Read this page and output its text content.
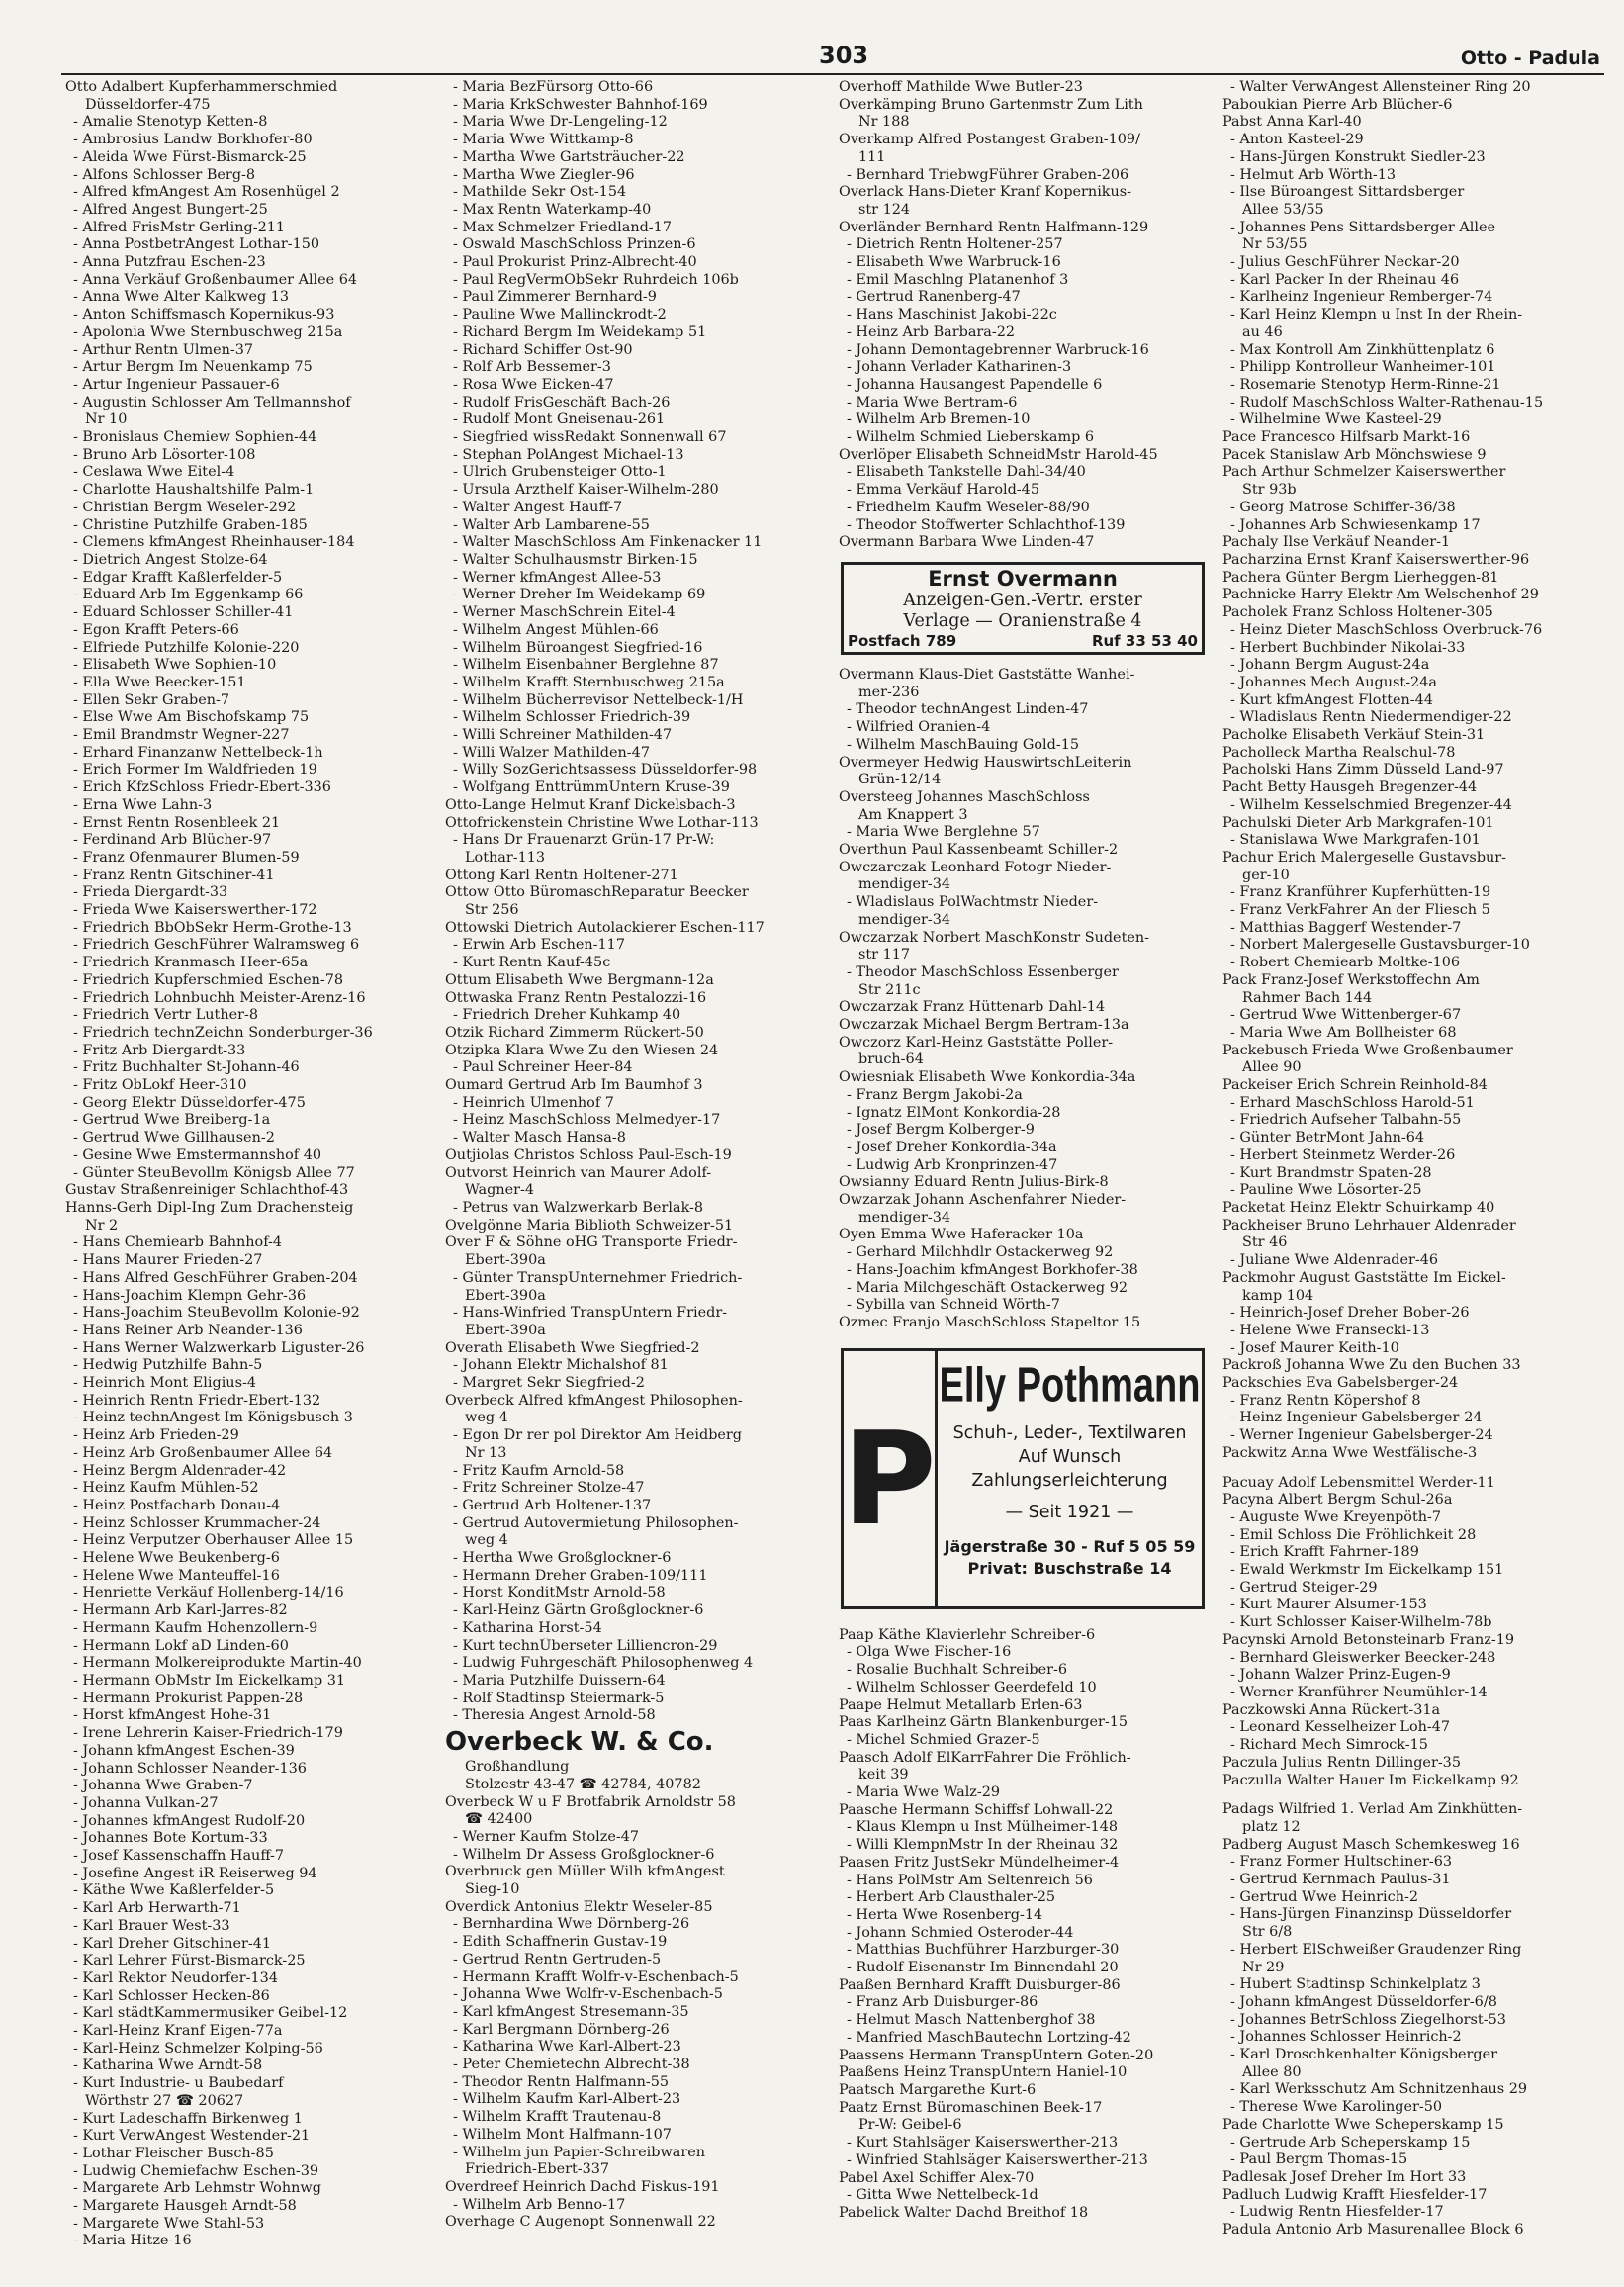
303	Otto - Padula
Otto Adalbert Kupferhammerschmied
Düsseldorfer-475
- Amalie Stenotyp Ketten-8
- Ambrosius Landw Borkhofer-80
- Aleida Wwe Fürst-Bismarck-25
- Alfons Schlosser Berg-8
- Alfred kfmAngest Am Rosenhügel 2
- Alfred Angest Bungert-25
- Alfred FrisMstr Gerling-211
- Anna PostbetrAngest Lothar-150
- Anna Putzfrau Eschen-23
- Anna Verkäuf Großenbaumer Allee 64
- Anna Wwe Alter Kalkweg 13
- Anton Schiffsmasch Kopernikus-93
- Apolonia Wwe Sternbuschweg 215a
- Arthur Rentn Ulmen-37
- Artur Bergm Im Neuenkamp 75
- Artur Ingenieur Passauer-6
- Augustin Schlosser Am Tellmannshof
Nr 10
- Bronislaus Chemiew Sophien-44
- Bruno Arb Lösorter-108
- Ceslawa Wwe Eitel-4
- Charlotte Haushaltshilfe Palm-1
- Christian Bergm Weseler-292
- Christine Putzhilfe Graben-185
- Clemens kfmAngest Rheinhauser-184
- Dietrich Angest Stolze-64
- Edgar Krafft Kaßlerfelder-5
- Eduard Arb Im Eggenkamp 66
- Eduard Schlosser Schiller-41
- Egon Krafft Peters-66
- Elfriede Putzhilfe Kolonie-220
- Elisabeth Wwe Sophien-10
- Ella Wwe Beecker-151
- Ellen Sekr Graben-7
- Else Wwe Am Bischofskamp 75
- Emil Brandmstr Wegner-227
- Erhard Finanzanw Nettelbeck-1h
- Erich Former Im Waldfrieden 19
- Erich KfzSchloss Friedr-Ebert-336
- Erna Wwe Lahn-3
- Ernst Rentn Rosenbleek 21
- Ferdinand Arb Blücher-97
- Franz Ofenmaurer Blumen-59
- Franz Rentn Gitschiner-41
- Frieda Diergardt-33
- Frieda Wwe Kaiserswerther-172
- Friedrich BbObSekr Herm-Grothe-13
- Friedrich GeschFührer Walramsweg 6
- Friedrich Kranmasch Heer-65a
- Friedrich Kupferschmied Eschen-78
- Friedrich Lohnbuchh Meister-Arenz-16
- Friedrich Vertr Luther-8
- Friedrich technZeichn Sonderburger-36
- Fritz Arb Diergardt-33
- Fritz Buchhalter St-Johann-46
- Fritz ObLokf Heer-310
- Georg Elektr Düsseldorfer-475
- Gertrud Wwe Breiberg-1a
- Gertrud Wwe Gillhausen-2
- Gesine Wwe Emstermannshof 40
- Günter SteuBevollm Königsb Allee 77
Gustav Straßenreiniger Schlachthof-43
Hanns-Gerh Dipl-Ing Zum Drachensteig
Nr 2
- Hans Chemiearb Bahnhof-4
- Hans Maurer Frieden-27
- Hans Alfred GeschFührer Graben-204
- Hans-Joachim Klempn Gehr-36
- Hans-Joachim SteuBevollm Kolonie-92
- Hans Reiner Arb Neander-136
- Hans Werner Walzwerkarb Liguster-26
- Hedwig Putzhilfe Bahn-5
- Heinrich Mont Eligius-4
- Heinrich Rentn Friedr-Ebert-132
- Heinz technAngest Im Königsbusch 3
- Heinz Arb Frieden-29
- Heinz Arb Großenbaumer Allee 64
- Heinz Bergm Aldenrader-42
- Heinz Kaufm Mühlen-52
- Heinz Postfacharb Donau-4
- Heinz Schlosser Krummacher-24
- Heinz Verputzer Oberhauser Allee 15
- Helene Wwe Beukenberg-6
- Helene Wwe Manteuffel-16
- Henriette Verkäuf Hollenberg-14/16
- Hermann Arb Karl-Jarres-82
- Hermann Kaufm Hohenzollern-9
- Hermann Lokf aD Linden-60
- Hermann Molkereiprodukte Martin-40
- Hermann ObMstr Im Eickelkamp 31
- Hermann Prokurist Pappen-28
- Horst kfmAngest Hohe-31
- Irene Lehrerin Kaiser-Friedrich-179
- Johann kfmAngest Eschen-39
- Johann Schlosser Neander-136
- Johanna Wwe Graben-7
- Johanna Vulkan-27
- Johannes kfmAngest Rudolf-20
- Johannes Bote Kortum-33
- Josef Kassenschaffn Hauff-7
- Josefine Angest iR Reiserweg 94
- Käthe Wwe Kaßlerfelder-5
- Karl Arb Herwarth-71
- Karl Brauer West-33
- Karl Dreher Gitschiner-41
- Karl Lehrer Fürst-Bismarck-25
- Karl Rektor Neudorfer-134
- Karl Schlosser Hecken-86
- Karl städtKammermusiker Geibel-12
- Karl-Heinz Kranf Eigen-77a
- Karl-Heinz Schmelzer Kolping-56
- Katharina Wwe Arndt-58
- Kurt Industrie- u Baubedarf
Wörthstr 27 ☎ 20627
- Kurt Ladeschaffn Birkenweg 1
- Kurt VerwAngest Westender-21
- Lothar Fleischer Busch-85
- Ludwig Chemiefachw Eschen-39
- Margarete Arb Lehmstr Wohnwg
- Margarete Hausgeh Arndt-58
- Margarete Wwe Stahl-53
- Maria Hitze-16
- Maria BezFürsorg Otto-66
- Maria KrkSchwester Bahnhof-169
- Maria Wwe Dr-Lengeling-12
- Maria Wwe Wittkamp-8
- Martha Wwe Gartsträucher-22
- Martha Wwe Ziegler-96
- Mathilde Sekr Ost-154
- Max Rentn Waterkamp-40
- Max Schmelzer Friedland-17
- Oswald MaschSchloss Prinzen-6
- Paul Prokurist Prinz-Albrecht-40
- Paul RegVermObSekr Ruhrdeich 106b
- Paul Zimmerer Bernhard-9
- Pauline Wwe Mallinckrodt-2
- Richard Bergm Im Weidekamp 51
- Richard Schiffer Ost-90
- Rolf Arb Bessemer-3
- Rosa Wwe Eicken-47
- Rudolf FrisGeschäft Bach-26
- Rudolf Mont Gneisenau-261
- Siegfried wissRedakt Sonnenwall 67
- Stephan PolAngest Michael-13
- Ulrich Grubensteiger Otto-1
- Ursula Arzthelf Kaiser-Wilhelm-280
- Walter Angest Hauff-7
- Walter Arb Lambarene-55
- Walter MaschSchloss Am Finkenacker 11
- Walter Schulhausmstr Birken-15
- Werner kfmAngest Allee-53
- Werner Dreher Im Weidekamp 69
- Werner MaschSchrein Eitel-4
- Wilhelm Angest Mühlen-66
- Wilhelm Büroangest Siegfried-16
- Wilhelm Eisenbahner Berglehne 87
- Wilhelm Krafft Sternbuschweg 215a
- Wilhelm Bücherrevisor Nettelbeck-1/H
- Wilhelm Schlosser Friedrich-39
- Willi Schreiner Mathilden-47
- Willi Walzer Mathilden-47
- Willy SozGerichtsassess Düsseldorfer-98
- Wolfgang EnttrümmUntern Kruse-39
Otto-Lange Helmut Kranf Dickelsbach-3
Ottofrickenstein Christine Wwe Lothar-113
- Hans Dr Frauenarzt Grün-17 Pr-W:
Lothar-113
Ottong Karl Rentn Holtener-271
Ottow Otto BüromaschReparatur Beecker
Str 256
Ottowski Dietrich Autolackierer Eschen-117
- Erwin Arb Eschen-117
- Kurt Rentn Kauf-45c
Ottum Elisabeth Wwe Bergmann-12a
Ottwaska Franz Rentn Pestalozzi-16
- Friedrich Dreher Kuhkamp 40
Otzik Richard Zimmerm Rückert-50
Otzipka Klara Wwe Zu den Wiesen 24
- Paul Schreiner Heer-84
Oumard Gertrud Arb Im Baumhof 3
- Heinrich Ulmenhof 7
- Heinz MaschSchloss Melmedyer-17
- Walter Masch Hansa-8
Outjiolas Christos Schloss Paul-Esch-19
Outvorst Heinrich van Maurer Adolf-
Wagner-4
- Petrus van Walzwerkarb Berlak-8
Ovelgönne Maria Biblioth Schweizer-51
Over F & Söhne oHG Transporte Friedr-
Ebert-390a
- Günter TranspUnternehmer Friedrich-
Ebert-390a
- Hans-Winfried TranspUntern Friedr-
Ebert-390a
Overath Elisabeth Wwe Siegfried-2
- Johann Elektr Michalshof 81
- Margret Sekr Siegfried-2
Overbeck Alfred kfmAngest Philosophen-
weg 4
- Egon Dr rer pol Direktor Am Heidberg
Nr 13
- Fritz Kaufm Arnold-58
- Fritz Schreiner Stolze-47
- Gertrud Arb Holtener-137
- Gertrud Autovermietung Philosophen-
weg 4
- Hertha Wwe Großglockner-6
- Hermann Dreher Graben-109/111
- Horst KonditMstr Arnold-58
- Karl-Heinz Gärtn Großglockner-6
- Katharina Horst-54
- Kurt technÜberseter Lilliencron-29
- Ludwig Fuhrgeschäft Philosophenweg 4
- Maria Putzhilfe Duissern-64
- Rolf Stadtinsp Steiermark-5
- Theresia Angest Arnold-58
Overbeck W. & Co.
Großhandlung
Stolzestr 43-47 ☎ 42784, 40782
Overbeck W u F Brotfabrik Arnoldstr 58
☎ 42400
- Werner Kaufm Stolze-47
- Wilhelm Dr Assess Großglockner-6
Overbruck gen Müller Wilh kfmAngest
Sieg-10
Overdick Antonius Elektr Weseler-85
- Bernhardina Wwe Dörnberg-26
- Edith Schaffnerin Gustav-19
- Gertrud Rentn Gertruden-5
- Hermann Krafft Wolfr-v-Eschenbach-5
- Johanna Wwe Wolfr-v-Eschenbach-5
- Karl kfmAngest Stresemann-35
- Karl Bergmann Dörnberg-26
- Katharina Wwe Karl-Albert-23
- Peter Chemietechn Albrecht-38
- Theodor Rentn Halfmann-55
- Wilhelm Kaufm Karl-Albert-23
- Wilhelm Krafft Trautenau-8
- Wilhelm Mont Halfmann-107
- Wilhelm jun Papier-Schreibwaren
Friedrich-Ebert-337
Overdreef Heinrich Dachd Fiskus-191
- Wilhelm Arb Benno-17
Overhage C Augenopt Sonnenwall 22
Overhoff Mathilde Wwe Butler-23
Overkämping Bruno Gartenmstr Zum Lith
Nr 188
Overkamp Alfred Postangest Graben-109/
111
- Bernhard TriebwgFührer Graben-206
Overlack Hans-Dieter Kranf Kopernikus-
str 124
Overländer Bernhard Rentn Halfmann-129
- Dietrich Rentn Holtener-257
- Elisabeth Wwe Warbruck-16
- Emil Maschlng Platanenhof 3
- Gertrud Ranenberg-47
- Hans Maschinist Jakobi-22c
- Heinz Arb Barbara-22
- Johann Demontagebrenner Warbruck-16
- Johann Verlader Katharinen-3
- Johanna Hausangest Papendelle 6
- Maria Wwe Bertram-6
- Wilhelm Arb Bremen-10
- Wilhelm Schmied Lieberskamp 6
Overlöper Elisabeth SchneidMstr Harold-45
- Elisabeth Tankstelle Dahl-34/40
- Emma Verkäuf Harold-45
- Friedhelm Kaufm Weseler-88/90
- Theodor Stoffwerter Schlachthof-139
Overmann Barbara Wwe Linden-47
Ernst Overmann
Anzeigen-Gen.-Vertr. erster
Verlage — Oranienstraße 4
Postfach 789	Ruf 33 53 40
Overmann Klaus-Diet Gaststätte Wanhei-
mer-236
- Theodor technAngest Linden-47
- Wilfried Oranien-4
- Wilhelm MaschBauing Gold-15
Overmeyer Hedwig HauswirtschLeiterin
Grün-12/14
Oversteeg Johannes MaschSchloss
Am Knappert 3
- Maria Wwe Berglehne 57
Overthun Paul Kassenbeamt Schiller-2
Owczarczak Leonhard Fotogr Nieder-
mendiger-34
- Wladislaus PolWachtmstr Nieder-
mendiger-34
Owczarzak Norbert MaschKonstr Sudeten-
str 117
- Theodor MaschSchloss Essenberger
Str 211c
Owczarzak Franz Hüttenarb Dahl-14
Owczarzak Michael Bergm Bertram-13a
Owczorz Karl-Heinz Gaststätte Poller-
bruch-64
Owiesniak Elisabeth Wwe Konkordia-34a
- Franz Bergm Jakobi-2a
- Ignatz ElMont Konkordia-28
- Josef Bergm Kolberger-9
- Josef Dreher Konkordia-34a
- Ludwig Arb Kronprinzen-47
Owsianny Eduard Rentn Julius-Birk-8
Owzarzak Johann Aschenfahrer Nieder-
mendiger-34
Oyen Emma Wwe Haferacker 10a
- Gerhard Milchhdlr Ostackerweg 92
- Hans-Joachim kfmAngest Borkhofer-38
- Maria Milchgeschäft Ostackerweg 92
- Sybilla van Schneid Wörth-7
Ozmec Franjo MaschSchloss Stapeltor 15
P
Elly Pothmann
Schuh-, Leder-, Textilwaren
Auf Wunsch
Zahlungserleichterung
— Seit 1921 —
Jägerstraße 30 - Ruf 5 05 59
Privat: Buschstraße 14
Paap Käthe Klavierlehr Schreiber-6
- Olga Wwe Fischer-16
- Rosalie Buchhalt Schreiber-6
- Wilhelm Schlosser Geerdefeld 10
Paape Helmut Metallarb Erlen-63
Paas Karlheinz Gärtn Blankenburger-15
- Michel Schmied Grazer-5
Paasch Adolf ElKarrFahrer Die Fröhlich-
keit 39
- Maria Wwe Walz-29
Paasche Hermann Schiffsf Lohwall-22
- Klaus Klempn u Inst Mülheimer-148
- Willi KlempnMstr In der Rheinau 32
Paasen Fritz JustSekr Mündelheimer-4
- Hans PolMstr Am Seltenreich 56
- Herbert Arb Clausthaler-25
- Herta Wwe Rosenberg-14
- Johann Schmied Osteroder-44
- Matthias Buchführer Harzburger-30
- Rudolf Eisenanstr Im Binnendahl 20
Paaßen Bernhard Krafft Duisburger-86
- Franz Arb Duisburger-86
- Helmut Masch Nattenberghof 38
- Manfried MaschBautechn Lortzing-42
Paassens Hermann TranspUntern Goten-20
Paaßens Heinz TranspUntern Haniel-10
Paatsch Margarethe Kurt-6
Paatz Ernst Büromaschinen Beek-17
Pr-W: Geibel-6
- Kurt Stahlsäger Kaiserswerther-213
- Winfried Stahlsäger Kaiserswerther-213
Pabel Axel Schiffer Alex-70
- Gitta Wwe Nettelbeck-1d
Pabelick Walter Dachd Breithof 18
- Walter VerwAngest Allensteiner Ring 20
Paboukian Pierre Arb Blücher-6
Pabst Anna Karl-40
- Anton Kasteel-29
- Hans-Jürgen Konstrukt Siedler-23
- Helmut Arb Wörth-13
- Ilse Büroangest Sittardsberger
Allee 53/55
- Johannes Pens Sittardsberger Allee
Nr 53/55
- Julius GeschFührer Neckar-20
- Karl Packer In der Rheinau 46
- Karlheinz Ingenieur Remberger-74
- Karl Heinz Klempn u Inst In der Rhein-
au 46
- Max Kontroll Am Zinkhüttenplatz 6
- Philipp Kontrolleur Wanheimer-101
- Rosemarie Stenotyp Herm-Rinne-21
- Rudolf MaschSchloss Walter-Rathenau-15
- Wilhelmine Wwe Kasteel-29
Pace Francesco Hilfsarb Markt-16
Pacek Stanislaw Arb Mönchswiese 9
Pach Arthur Schmelzer Kaiserswerther
Str 93b
- Georg Matrose Schiffer-36/38
- Johannes Arb Schwiesenkamp 17
Pachaly Ilse Verkäuf Neander-1
Pacharzina Ernst Kranf Kaiserswerther-96
Pachera Günter Bergm Lierheggen-81
Pachnicke Harry Elektr Am Welschenhof 29
Pacholek Franz Schloss Holtener-305
- Heinz Dieter MaschSchloss Overbruck-76
- Herbert Buchbinder Nikolai-33
- Johann Bergm August-24a
- Johannes Mech August-24a
- Kurt kfmAngest Flotten-44
- Wladislaus Rentn Niedermendiger-22
Pacholke Elisabeth Verkäuf Stein-31
Pacholleck Martha Realschul-78
Pacholski Hans Zimm Düsseld Land-97
Pacht Betty Hausgeh Bregenzer-44
- Wilhelm Kesselschmied Bregenzer-44
Pachulski Dieter Arb Markgrafen-101
- Stanislawa Wwe Markgrafen-101
Pachur Erich Malergeselle Gustavsbur-
ger-10
- Franz Kranführer Kupferhütten-19
- Franz VerkFahrer An der Fliesch 5
- Matthias Baggerf Westender-7
- Norbert Malergeselle Gustavsburger-10
- Robert Chemiearb Moltke-106
Pack Franz-Josef Werkstoffechn Am
Rahmer Bach 144
- Gertrud Wwe Wittenberger-67
- Maria Wwe Am Bollheister 68
Packebusch Frieda Wwe Großenbaumer
Allee 90
Packeiser Erich Schrein Reinhold-84
- Erhard MaschSchloss Harold-51
- Friedrich Aufseher Talbahn-55
- Günter BetrMont Jahn-64
- Herbert Steinmetz Werder-26
- Kurt Brandmstr Spaten-28
- Pauline Wwe Lösorter-25
Packetat Heinz Elektr Schuirkamp 40
Packheiser Bruno Lehrhauer Aldenrader
Str 46
- Juliane Wwe Aldenrader-46
Packmohr August Gaststätte Im Eickel-
kamp 104
- Heinrich-Josef Dreher Bober-26
- Helene Wwe Fransecki-13
- Josef Maurer Keith-10
Packroß Johanna Wwe Zu den Buchen 33
Packschies Eva Gabelsberger-24
- Franz Rentn Köpershof 8
- Heinz Ingenieur Gabelsberger-24
- Werner Ingenieur Gabelsberger-24
Packwitz Anna Wwe Westfälische-3
Pacuay Adolf Lebensmittel Werder-11
Pacyna Albert Bergm Schul-26a
- Auguste Wwe Kreyenpöth-7
- Emil Schloss Die Fröhlichkeit 28
- Erich Krafft Fahrner-189
- Ewald Werkmstr Im Eickelkamp 151
- Gertrud Steiger-29
- Kurt Maurer Alsumer-153
- Kurt Schlosser Kaiser-Wilhelm-78b
Pacynski Arnold Betonsteinarb Franz-19
- Bernhard Gleiswerker Beecker-248
- Johann Walzer Prinz-Eugen-9
- Werner Kranführer Neumühler-14
Paczkowski Anna Rückert-31a
- Leonard Kesselheizer Loh-47
- Richard Mech Simrock-15
Paczula Julius Rentn Dillinger-35
Paczulla Walter Hauer Im Eickelkamp 92
Padags Wilfried 1. Verlad Am Zinkhütten-
platz 12
Padberg August Masch Schemkesweg 16
- Franz Former Hultschiner-63
- Gertrud Kernmach Paulus-31
- Gertrud Wwe Heinrich-2
- Hans-Jürgen Finanzinsp Düsseldorfer
Str 6/8
- Herbert ElSchweißer Graudenzer Ring
Nr 29
- Hubert Stadtinsp Schinkelplatz 3
- Johann kfmAngest Düsseldorfer-6/8
- Johannes BetrSchloss Ziegelhorst-53
- Johannes Schlosser Heinrich-2
- Karl Droschkenhalter Königsberger
Allee 80
- Karl Werksschutz Am Schnitzenhaus 29
- Therese Wwe Karolinger-50
Pade Charlotte Wwe Scheperskamp 15
- Gertrude Arb Scheperskamp 15
- Paul Bergm Thomas-15
Padlesak Josef Dreher Im Hort 33
Padluch Ludwig Krafft Hiesfelder-17
- Ludwig Rentn Hiesfelder-17
Padula Antonio Arb Masurenallee Block 6
